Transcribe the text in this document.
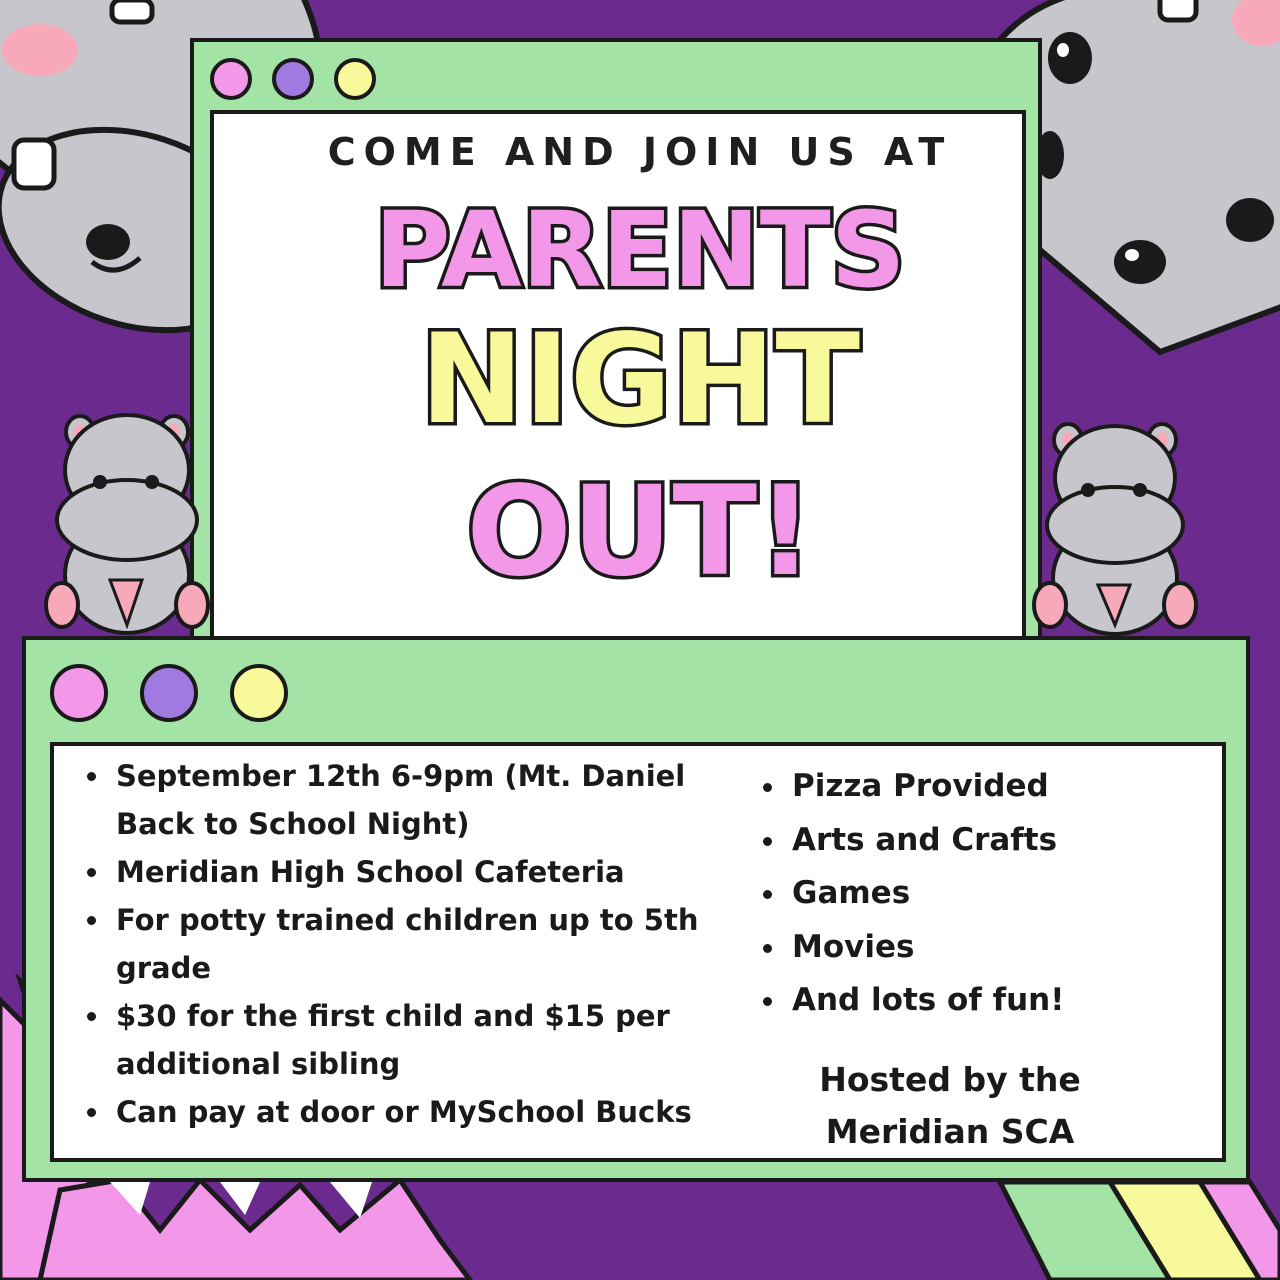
COME AND JOIN US AT
PARENTS
NIGHT
OUT!
• September 12th 6-9pm (Mt. Daniel Back to School Night)
• Meridian High School Cafeteria
• For potty trained children up to 5th grade
• $30 for the first child and $15 per additional sibling
• Can pay at door or MySchool Bucks
• Pizza Provided
• Arts and Crafts
• Games
• Movies
• And lots of fun!
Hosted by the
Meridian SCA
